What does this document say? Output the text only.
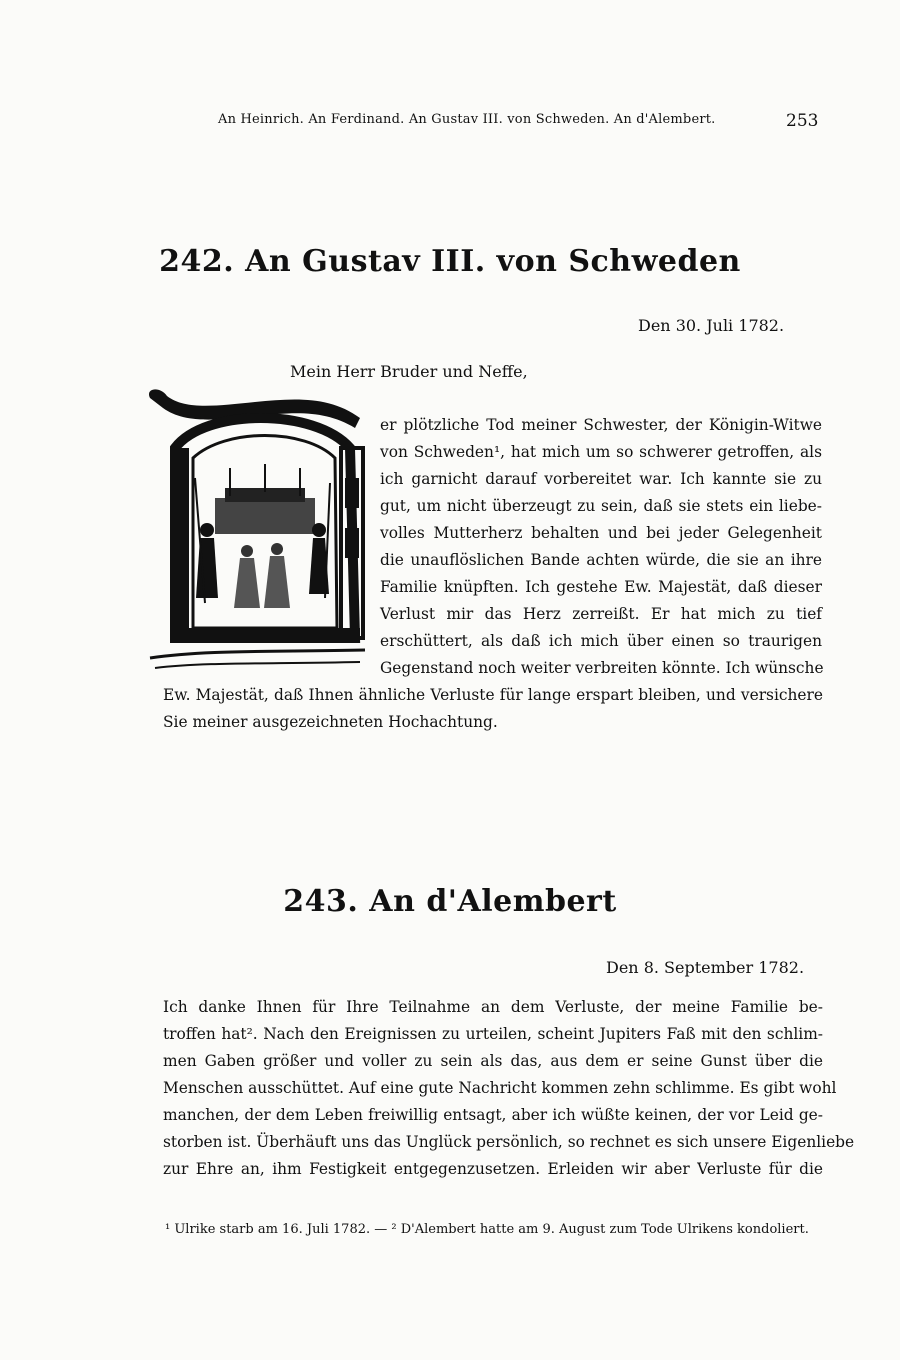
An Heinrich. An Ferdinand. An Gustav III. von Schweden. An d'Alembert.	253
242. An Gustav III. von Schweden
Den 30. Juli 1782.
Mein Herr Bruder und Neffe,
er plötzliche Tod meiner Schwester, der Königin-Witwe
von Schweden¹, hat mich um so schwerer getroffen, als
ich garnicht darauf vorbereitet war. Ich kannte sie zu
gut, um nicht überzeugt zu sein, daß sie stets ein liebe-
volles Mutterherz behalten und bei jeder Gelegenheit
die unauflöslichen Bande achten würde, die sie an ihre
Familie knüpften. Ich gestehe Ew. Majestät, daß dieser
Verlust mir das Herz zerreißt. Er hat mich zu tief
erschüttert, als daß ich mich über einen so traurigen
Gegenstand noch weiter verbreiten könnte. Ich wünsche
Ew. Majestät, daß Ihnen ähnliche Verluste für lange erspart bleiben, und versichere
Sie meiner ausgezeichneten Hochachtung.
243. An d'Alembert
Den 8. September 1782.
Ich danke Ihnen für Ihre Teilnahme an dem Verluste, der meine Familie be-
troffen hat². Nach den Ereignissen zu urteilen, scheint Jupiters Faß mit den schlim-
men Gaben größer und voller zu sein als das, aus dem er seine Gunst über die
Menschen ausschüttet. Auf eine gute Nachricht kommen zehn schlimme. Es gibt wohl
manchen, der dem Leben freiwillig entsagt, aber ich wüßte keinen, der vor Leid ge-
storben ist. Überhäuft uns das Unglück persönlich, so rechnet es sich unsere Eigenliebe
zur Ehre an, ihm Festigkeit entgegenzusetzen. Erleiden wir aber Verluste für die
¹ Ulrike starb am 16. Juli 1782. — ² D'Alembert hatte am 9. August zum Tode Ulrikens kondoliert.
